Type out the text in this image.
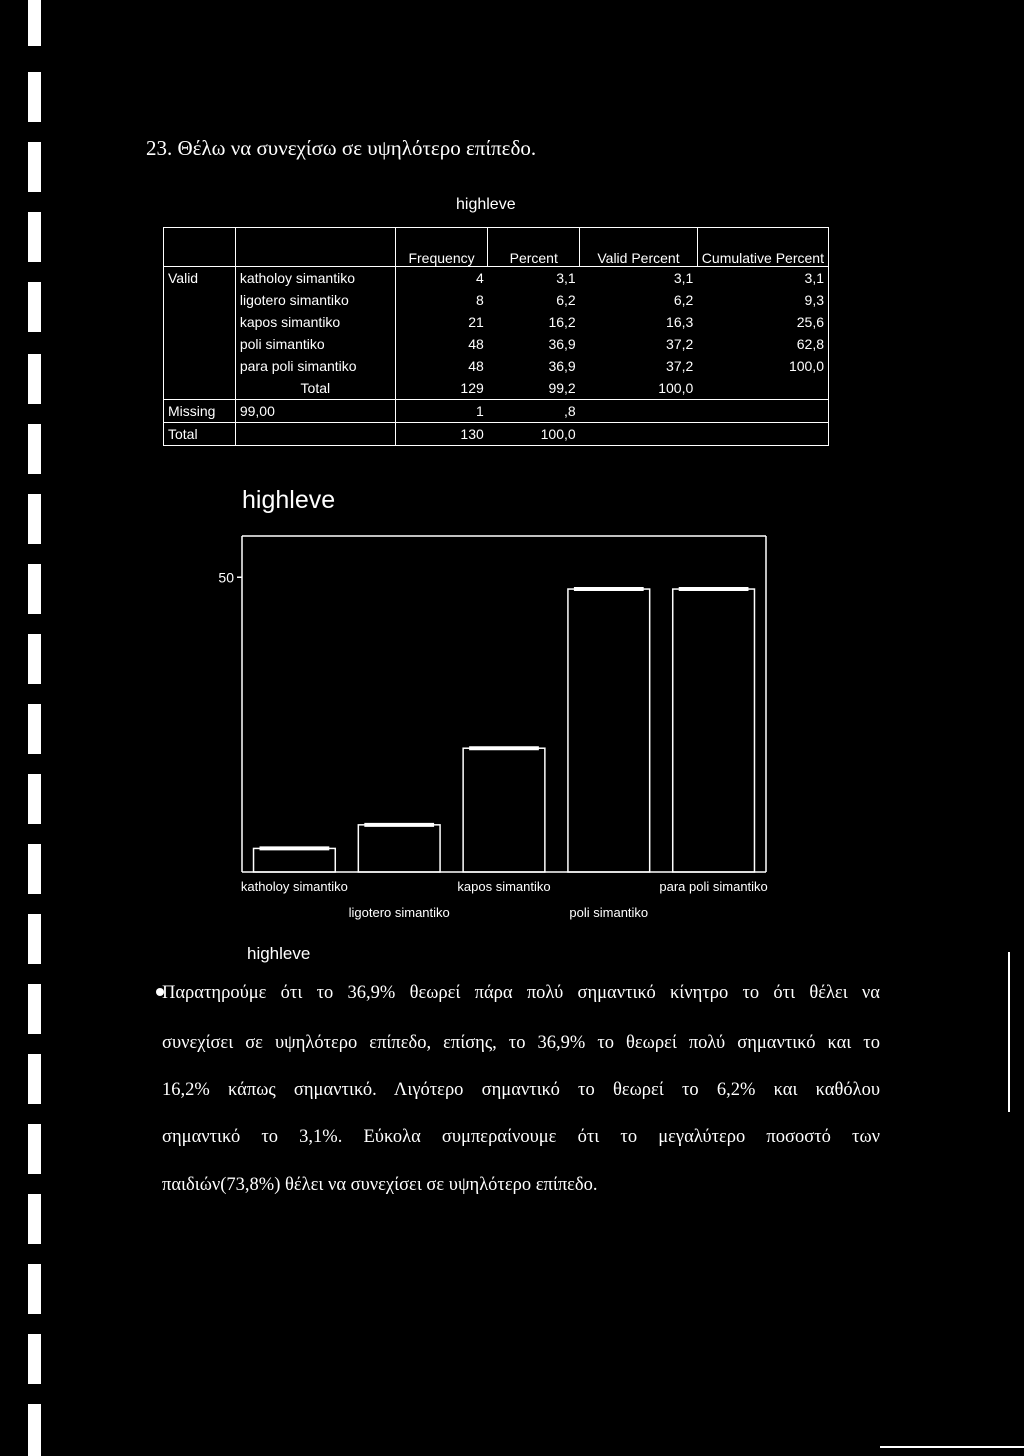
23. Θέλω να συνεχίσω σε υψηλότερο επίπεδο.
highleve
		Frequency	Percent	Valid Percent	Cumulative Percent
Valid	katholoy simantiko	4	3,1	3,1	3,1
	ligotero simantiko	8	6,2	6,2	9,3
	kapos simantiko	21	16,2	16,3	25,6
	poli simantiko	48	36,9	37,2	62,8
	para poli simantiko	48	36,9	37,2	100,0
	Total	129	99,2	100,0	
Missing	99,00	1	,8		
Total		130	100,0		
highleve
50
katholoy simantiko
ligotero simantiko
kapos simantiko
poli simantiko
para poli simantiko
highleve
Παρατηρούμε ότι το 36,9% θεωρεί πάρα πολύ σημαντικό κίνητρο το ότι θέλει να
συνεχίσει σε υψηλότερο επίπεδο, επίσης, το 36,9% το θεωρεί πολύ σημαντικό και το
16,2% κάπως σημαντικό. Λιγότερο σημαντικό το θεωρεί το 6,2% και καθόλου
σημαντικό το 3,1%. Εύκολα συμπεραίνουμε ότι το μεγαλύτερο ποσοστό των
παιδιών(73,8%) θέλει να συνεχίσει σε υψηλότερο επίπεδο.
